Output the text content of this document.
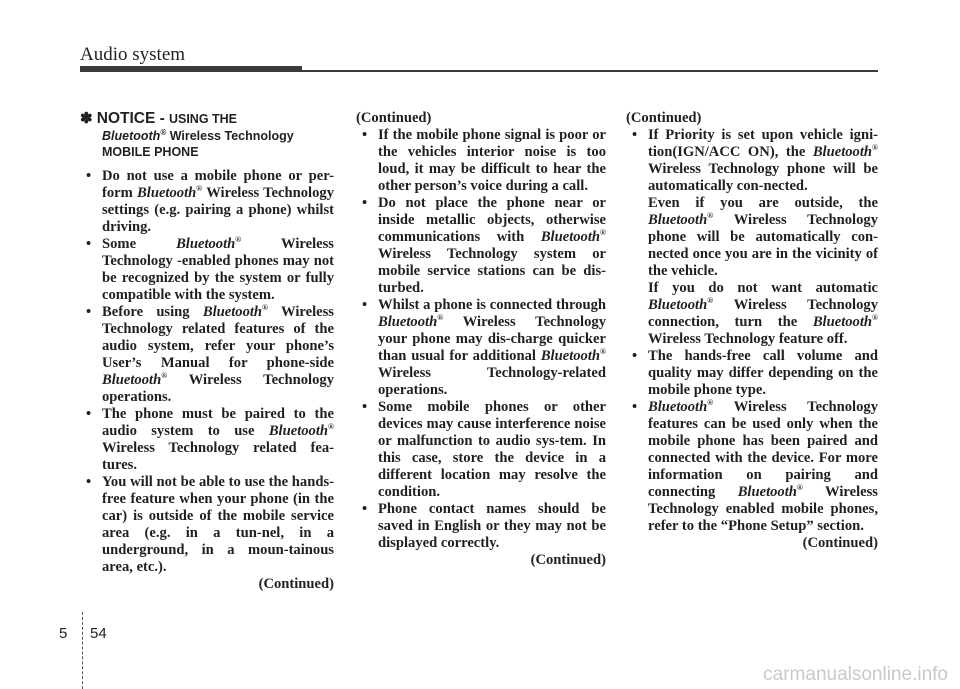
Audio system
✽ NOTICE - USING THE
Bluetooth® Wireless Technology
MOBILE PHONE
• Do not use a mobile phone or per-form Bluetooth® Wireless Technology settings (e.g. pairing a phone) whilst driving.
• Some Bluetooth® Wireless Technology -enabled phones may not be recognized by the system or fully compatible with the system.
• Before using Bluetooth® Wireless Technology related features of the audio system, refer your phone’s User’s Manual for phone-side Bluetooth® Wireless Technology operations.
• The phone must be paired to the audio system to use Bluetooth® Wireless Technology related fea-tures.
• You will not be able to use the hands-free feature when your phone (in the car) is outside of the mobile service area (e.g. in a tun-nel, in a underground, in a moun-tainous area, etc.).
(Continued)
(Continued)
• If the mobile phone signal is poor or the vehicles interior noise is too loud, it may be difficult to hear the other person’s voice during a call.
• Do not place the phone near or inside metallic objects, otherwise communications with Bluetooth® Wireless Technology system or mobile service stations can be dis-turbed.
• Whilst a phone is connected through Bluetooth® Wireless Technology your phone may dis-charge quicker than usual for additional Bluetooth® Wireless Technology-related operations.
• Some mobile phones or other devices may cause interference noise or malfunction to audio sys-tem. In this case, store the device in a different location may resolve the condition.
• Phone contact names should be saved in English or they may not be displayed correctly.
(Continued)
(Continued)
• If Priority is set upon vehicle igni-tion(IGN/ACC ON), the Bluetooth® Wireless Technology phone will be automatically con-nected.
Even if you are outside, the Bluetooth® Wireless Technology phone will be automatically con-nected once you are in the vicinity of the vehicle.
If you do not want automatic Bluetooth® Wireless Technology connection, turn the Bluetooth® Wireless Technology feature off.
• The hands-free call volume and quality may differ depending on the mobile phone type.
• Bluetooth® Wireless Technology features can be used only when the mobile phone has been paired and connected with the device. For more information on pairing and connecting Bluetooth® Wireless Technology enabled mobile phones, refer to the “Phone Setup” section.
(Continued)
5 54
carmanualsonline.info
